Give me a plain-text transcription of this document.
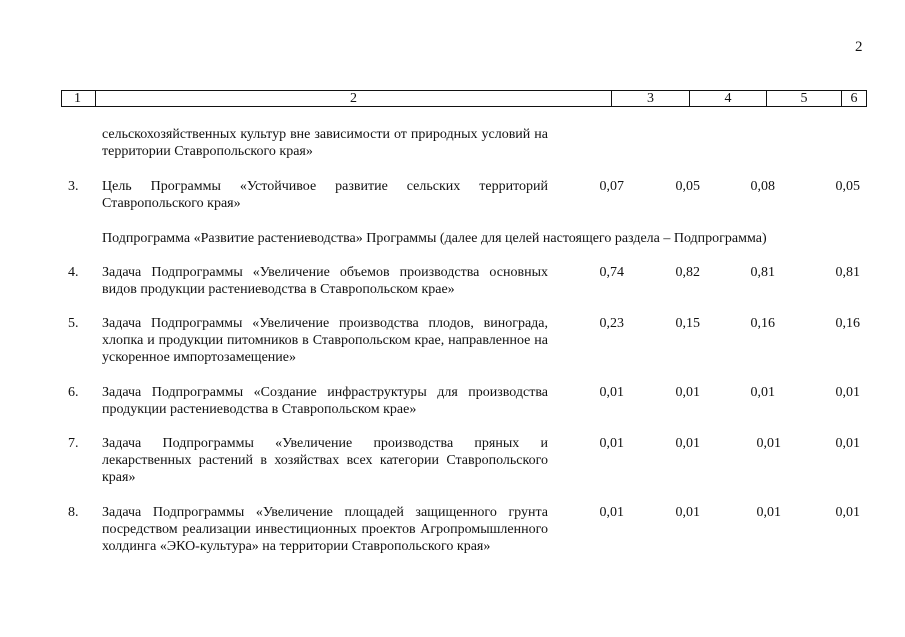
2
1	2	3	4	5	6
сельскохозяйственных культур вне зависимости от природных условий на территории Ставропольского края»
3. Цель Программы «Устойчивое развитие сельских территорий Ставропольского края»
0,07	0,05	0,08	0,05
Подпрограмма «Развитие растениеводства» Программы (далее для целей настоящего раздела – Подпрограмма)
4. Задача Подпрограммы «Увеличение объемов производства основных видов продукции растениеводства в Ставропольском крае»
0,74	0,82	0,81	0,81
5. Задача Подпрограммы «Увеличение производства плодов, винограда, хлопка и продукции питомников в Ставропольском крае, направленное на ускоренное импортозамещение»
0,23	0,15	0,16	0,16
6. Задача Подпрограммы «Создание инфраструктуры для производства продукции растениеводства в Ставропольском крае»
0,01	0,01	0,01	0,01
7. Задача Подпрограммы «Увеличение производства пряных и лекарственных растений в хозяйствах всех категории Ставропольского края»
0,01	0,01	0,01	0,01
8. Задача Подпрограммы «Увеличение площадей защищенного грунта посредством реализации инвестиционных проектов Агропромышленного холдинга «ЭКО-культура» на территории Ставропольского края»
0,01	0,01	0,01	0,01
